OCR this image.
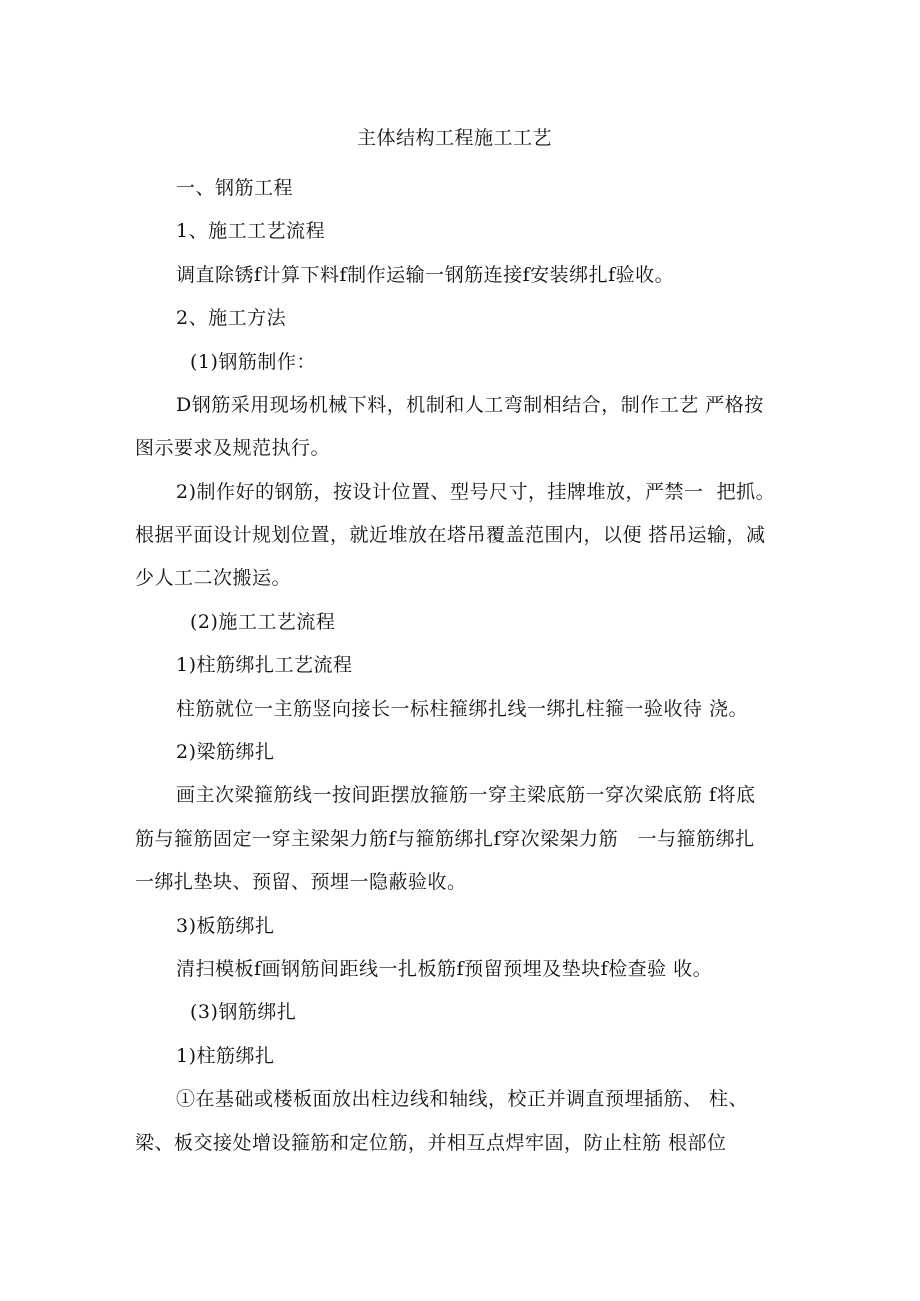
主体结构工程施工工艺
一、钢筋工程
1、施工工艺流程
调直除锈f计算下料f制作运输一钢筋连接f安装绑扎f验收。
2、施工方法
(1)钢筋制作：
D钢筋采用现场机械下料，机制和人工弯制相结合，制作工艺 严格按
图示要求及规范执行。
2)制作好的钢筋，按设计位置、型号尺寸，挂牌堆放，严禁一  把抓。
根据平面设计规划位置，就近堆放在塔吊覆盖范围内，以便 搭吊运输，减
少人工二次搬运。
(2)施工工艺流程
1)柱筋绑扎工艺流程
柱筋就位一主筋竖向接长一标柱箍绑扎线一绑扎柱箍一验收待 浇。
2)梁筋绑扎
画主次梁箍筋线一按间距摆放箍筋一穿主梁底筋一穿次梁底筋 f将底
筋与箍筋固定一穿主梁架力筋f与箍筋绑扎f穿次梁架力筋   一与箍筋绑扎
一绑扎垫块、预留、预埋一隐蔽验收。
3)板筋绑扎
清扫模板f画钢筋间距线一扎板筋f预留预埋及垫块f检查验 收。
(3)钢筋绑扎
1)柱筋绑扎
①在基础或楼板面放出柱边线和轴线，校正并调直预埋插筋、 柱、
梁、板交接处增设箍筋和定位筋，并相互点焊牢固，防止柱筋 根部位
